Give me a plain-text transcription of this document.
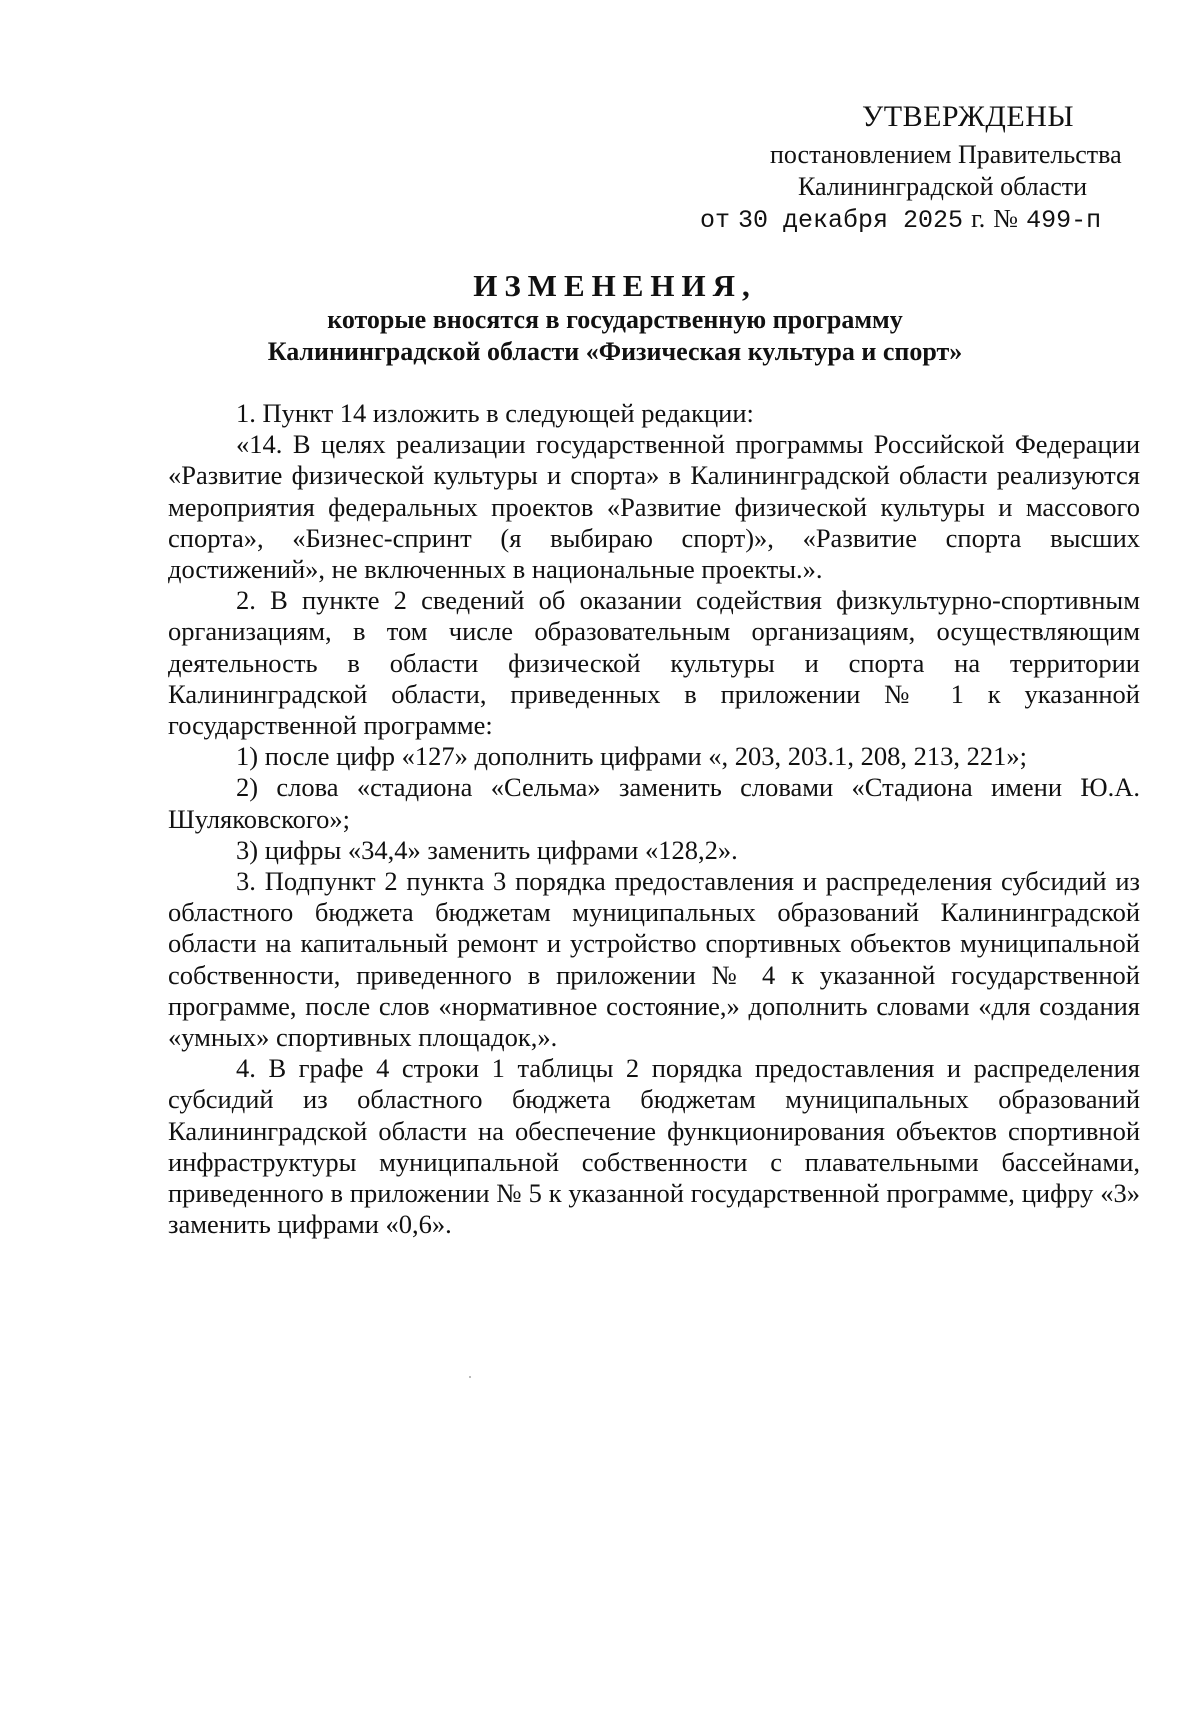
УТВЕРЖДЕНЫ
постановлением Правительства
Калининградской области
от 30 декабря 2025 г. № 499-п
ИЗМЕНЕНИЯ,
которые вносятся в государственную программу
Калининградской области «Физическая культура и спорт»

1. Пункт 14 изложить в следующей редакции:

«14. В целях реализации государственной программы Российской Федерации «Развитие физической культуры и спорта» в Калининградской области реализуются мероприятия федеральных проектов «Развитие физической культуры и массового спорта», «Бизнес-спринт (я выбираю спорт)», «Развитие спорта высших достижений», не включенных в национальные проекты.».

2. В пункте 2 сведений об оказании содействия физкультурно-спортивным организациям, в том числе образовательным организациям, осуществляющим деятельность в области физической культуры и спорта на территории Калининградской области, приведенных в приложении № 1 к указанной государственной программе:

1) после цифр «127» дополнить цифрами «, 203, 203.1, 208, 213, 221»;

2) слова «стадиона «Сельма» заменить словами «Стадиона имени Ю.А. Шуляковского»;

3) цифры «34,4» заменить цифрами «128,2».

3. Подпункт 2 пункта 3 порядка предоставления и распределения субсидий из областного бюджета бюджетам муниципальных образований Калининградской области на капитальный ремонт и устройство спортивных объектов муниципальной собственности, приведенного в приложении № 4 к указанной государственной программе, после слов «нормативное состояние,» дополнить словами «для создания «умных» спортивных площадок,».

4. В графе 4 строки 1 таблицы 2 порядка предоставления и распределения субсидий из областного бюджета бюджетам муниципальных образований Калининградской области на обеспечение функционирования объектов спортивной инфраструктуры муниципальной собственности с плавательными бассейнами, приведенного в приложении № 5 к указанной государственной программе, цифру «3» заменить цифрами «0,6».
